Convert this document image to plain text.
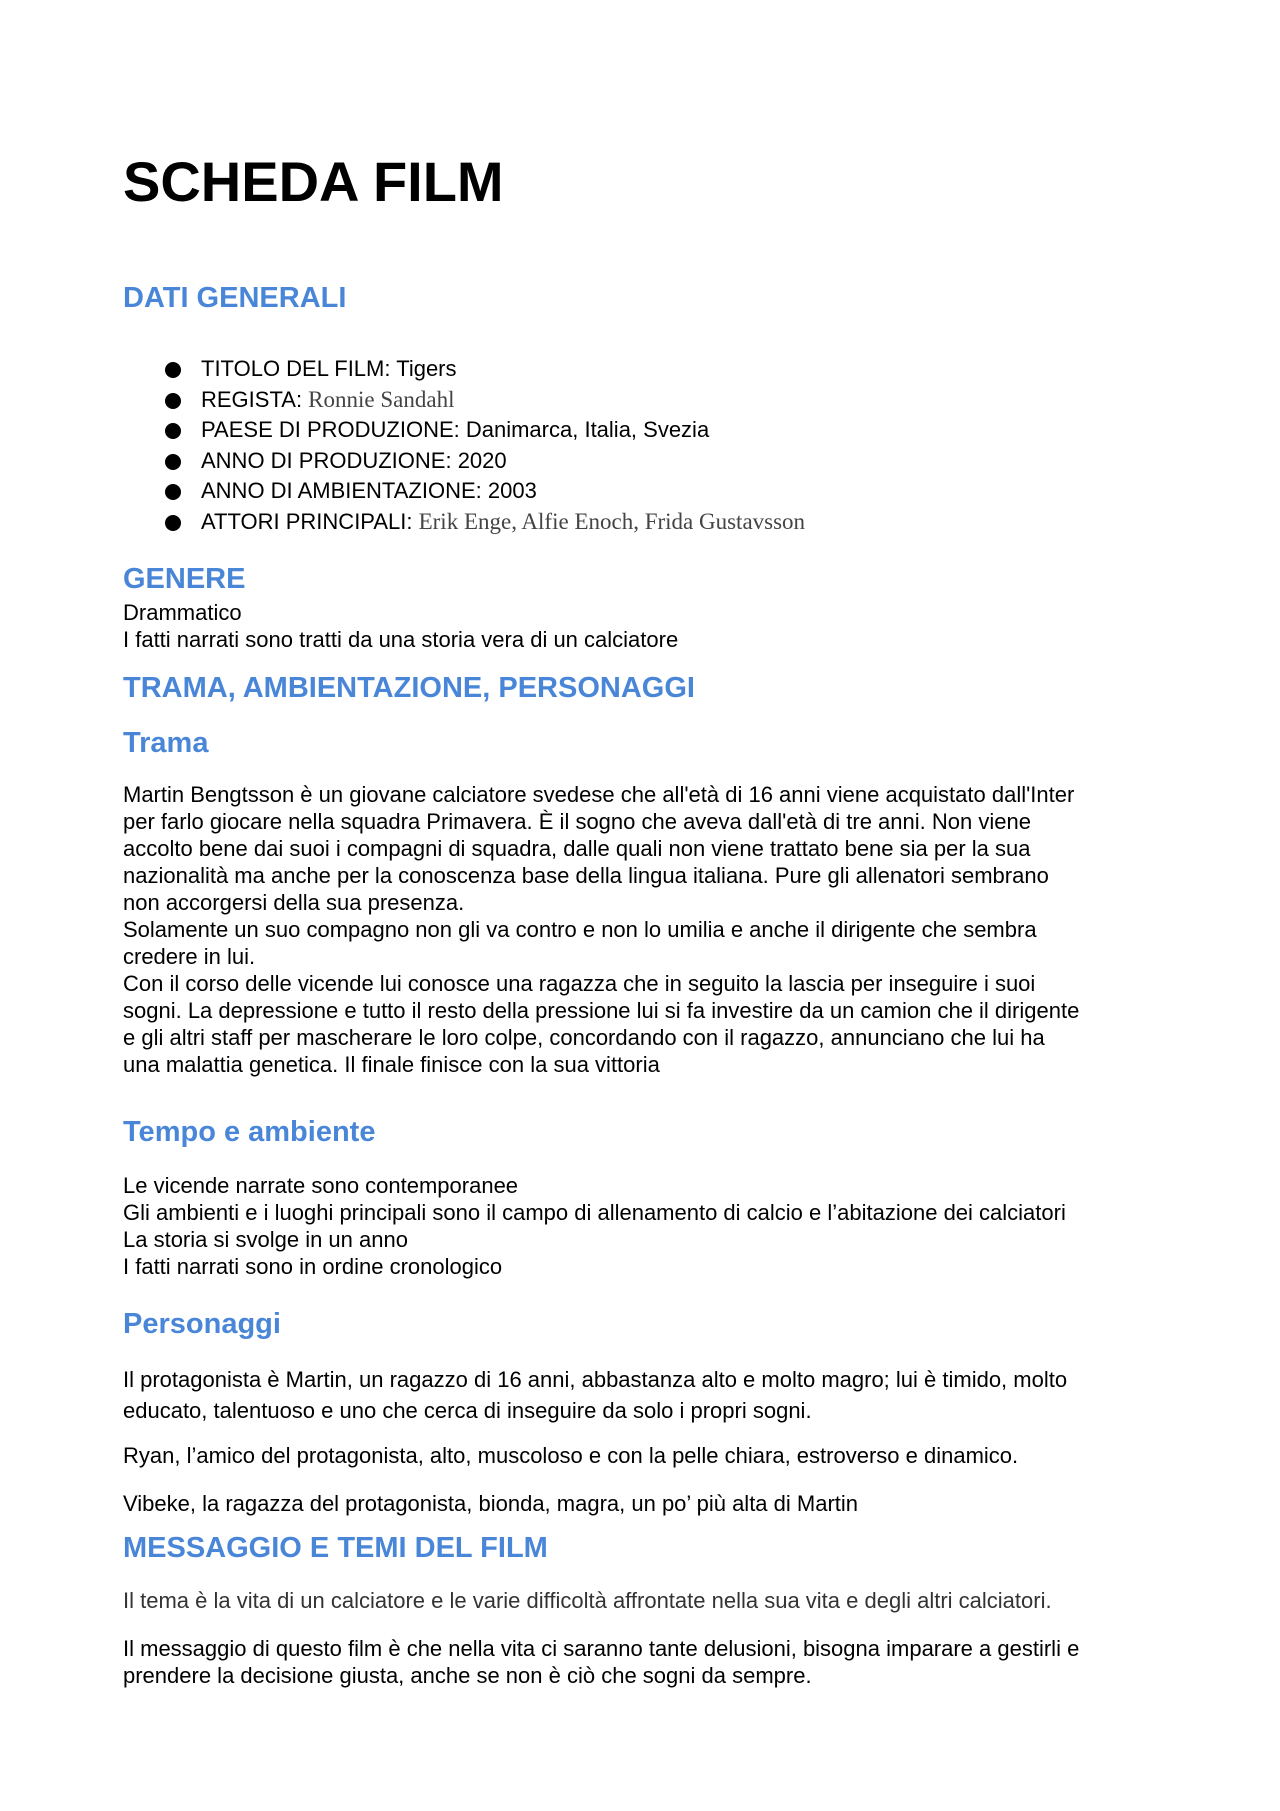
SCHEDA FILM
DATI GENERALI
TITOLO DEL FILM: Tigers
REGISTA: Ronnie Sandahl
PAESE DI PRODUZIONE: Danimarca, Italia, Svezia
ANNO DI PRODUZIONE: 2020
ANNO DI AMBIENTAZIONE: 2003
ATTORI PRINCIPALI: Erik Enge, Alfie Enoch, Frida Gustavsson
GENERE

Drammatico

I fatti narrati sono tratti da una storia vera di un calciatore

TRAMA, AMBIENTAZIONE, PERSONAGGI
Trama

Martin Bengtsson è un giovane calciatore svedese che all'età di 16 anni viene acquistato dall'Inter

per farlo giocare nella squadra Primavera. È il sogno che aveva dall'età di tre anni. Non viene

accolto bene dai suoi i compagni di squadra, dalle quali non viene trattato bene sia per la sua

nazionalità ma anche per la conoscenza base della lingua italiana. Pure gli allenatori sembrano

non accorgersi della sua presenza.

Solamente un suo compagno non gli va contro e non lo umilia e anche il dirigente che sembra

credere in lui.

Con il corso delle vicende lui conosce una ragazza che in seguito la lascia per inseguire i suoi

sogni. La depressione e tutto il resto della pressione lui si fa investire da un camion che il dirigente

e gli altri staff per mascherare le loro colpe, concordando con il ragazzo, annunciano che lui ha

una malattia genetica. Il finale finisce con la sua vittoria

Tempo e ambiente

Le vicende narrate sono contemporanee

Gli ambienti e i luoghi principali sono il campo di allenamento di calcio e l’abitazione dei calciatori

La storia si svolge in un anno

I fatti narrati sono in ordine cronologico

Personaggi

Il protagonista è Martin, un ragazzo di 16 anni, abbastanza alto e molto magro; lui è timido, molto

educato, talentuoso e uno che cerca di inseguire da solo i propri sogni.

Ryan, l’amico del protagonista, alto, muscoloso e con la pelle chiara, estroverso e dinamico.

Vibeke, la ragazza del protagonista, bionda, magra, un po’ più alta di Martin

MESSAGGIO E TEMI DEL FILM

Il tema è la vita di un calciatore e le varie difficoltà affrontate nella sua vita e degli altri calciatori.

Il messaggio di questo film è che nella vita ci saranno tante delusioni, bisogna imparare a gestirli e

prendere la decisione giusta, anche se non è ciò che sogni da sempre.
